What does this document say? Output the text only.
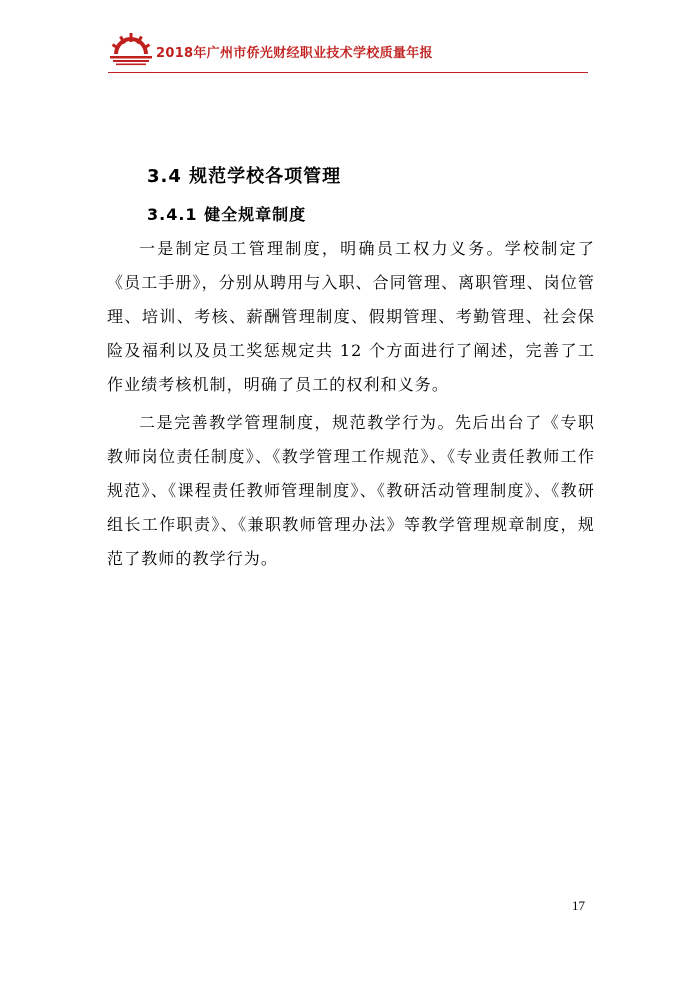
2018年广州市侨光财经职业技术学校质量年报
3.4 规范学校各项管理
3.4.1 健全规章制度

一是制定员工管理制度，明确员工权力义务。学校制定了《员工手册》，分别从聘用与入职、合同管理、离职管理、岗位管理、培训、考核、薪酬管理制度、假期管理、考勤管理、社会保险及福利以及员工奖惩规定共 12 个方面进行了阐述，完善了工作业绩考核机制，明确了员工的权利和义务。

二是完善教学管理制度，规范教学行为。先后出台了《专职教师岗位责任制度》、《教学管理工作规范》、《专业责任教师工作规范》、《课程责任教师管理制度》、《教研活动管理制度》、《教研组长工作职责》、《兼职教师管理办法》等教学管理规章制度，规范了教师的教学行为。

17
